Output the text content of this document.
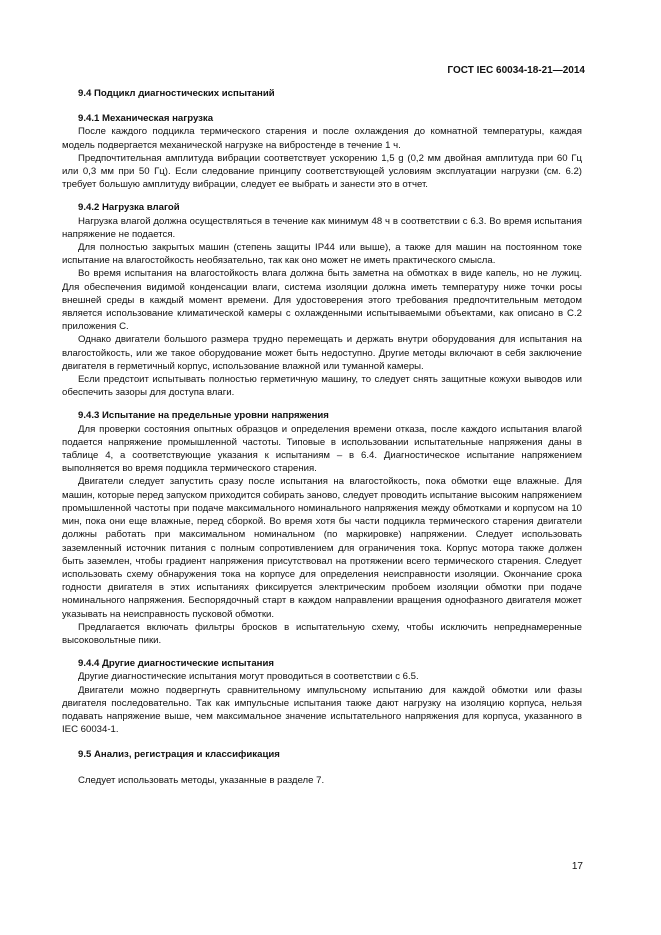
ГОСТ IEC 60034-18-21—2014
9.4 Подцикл диагностических испытаний
9.4.1 Механическая нагрузка

После каждого подцикла термического старения и после охлаждения до комнатной температуры, каждая модель подвергается механической нагрузке на вибростенде в течение 1 ч.

Предпочтительная амплитуда вибрации соответствует ускорению 1,5 g (0,2 мм двойная амплитуда при 60 Гц или 0,3 мм при 50 Гц). Если следование принципу соответствующей условиям эксплуатации нагрузки (см. 6.2) требует большую амплитуду вибрации, следует ее выбрать и занести это в отчет.

9.4.2 Нагрузка влагой

Нагрузка влагой должна осуществляться в течение как минимум 48 ч в соответствии с 6.3. Во время испытания напряжение не подается.

Для полностью закрытых машин (степень защиты IP44 или выше), а также для машин на постоянном токе испытание на влагостойкость необязательно, так как оно может не иметь практического смысла.

Во время испытания на влагостойкость влага должна быть заметна на обмотках в виде капель, но не лужиц. Для обеспечения видимой конденсации влаги, система изоляции должна иметь температуру ниже точки росы внешней среды в каждый момент времени. Для удостоверения этого требования предпочтительным методом является использование климатической камеры с охлажденными испытываемыми объектами, как описано в С.2 приложения С.

Однако двигатели большого размера трудно перемещать и держать внутри оборудования для испытания на влагостойкость, или же такое оборудование может быть недоступно. Другие методы включают в себя заключение двигателя в герметичный корпус, использование влажной или туманной камеры.

Если предстоит испытывать полностью герметичную машину, то следует снять защитные кожухи выводов или обеспечить зазоры для доступа влаги.

9.4.3 Испытание на предельные уровни напряжения

Для проверки состояния опытных образцов и определения времени отказа, после каждого испытания влагой подается напряжение промышленной частоты. Типовые в использовании испытательные напряжения даны в таблице 4, а соответствующие указания к испытаниям – в 6.4. Диагностическое испытание напряжением выполняется во время подцикла термического старения.

Двигатели следует запустить сразу после испытания на влагостойкость, пока обмотки еще влажные. Для машин, которые перед запуском приходится собирать заново, следует проводить испытание высоким напряжением промышленной частоты при подаче максимального номинального напряжения между обмотками и корпусом на 10 мин, пока они еще влажные, перед сборкой. Во время хотя бы части подцикла термического старения двигатели должны работать при максимальном номинальном (по маркировке) напряжении. Следует использовать заземленный источник питания с полным сопротивлением для ограничения тока. Корпус мотора также должен быть заземлен, чтобы градиент напряжения присутствовал на протяжении всего термического старения. Следует использовать схему обнаружения тока на корпусе для определения неисправности изоляции. Окончание срока годности двигателя в этих испытаниях фиксируется электрическим пробоем изоляции обмотки при подаче номинального напряжения. Беспорядочный старт в каждом направлении вращения однофазного двигателя может указывать на неисправность пусковой обмотки.

Предлагается включать фильтры бросков в испытательную схему, чтобы исключить непреднамеренные высоковольтные пики.

9.4.4 Другие диагностические испытания

Другие диагностические испытания могут проводиться в соответствии с 6.5.

Двигатели можно подвергнуть сравнительному импульсному испытанию для каждой обмотки или фазы двигателя последовательно. Так как импульсные испытания также дают нагрузку на изоляцию корпуса, нельзя подавать напряжение выше, чем максимальное значение испытательного напряжения для корпуса, указанного в IEC 60034-1.

9.5 Анализ, регистрация и классификация

Следует использовать методы, указанные в разделе 7.

17
